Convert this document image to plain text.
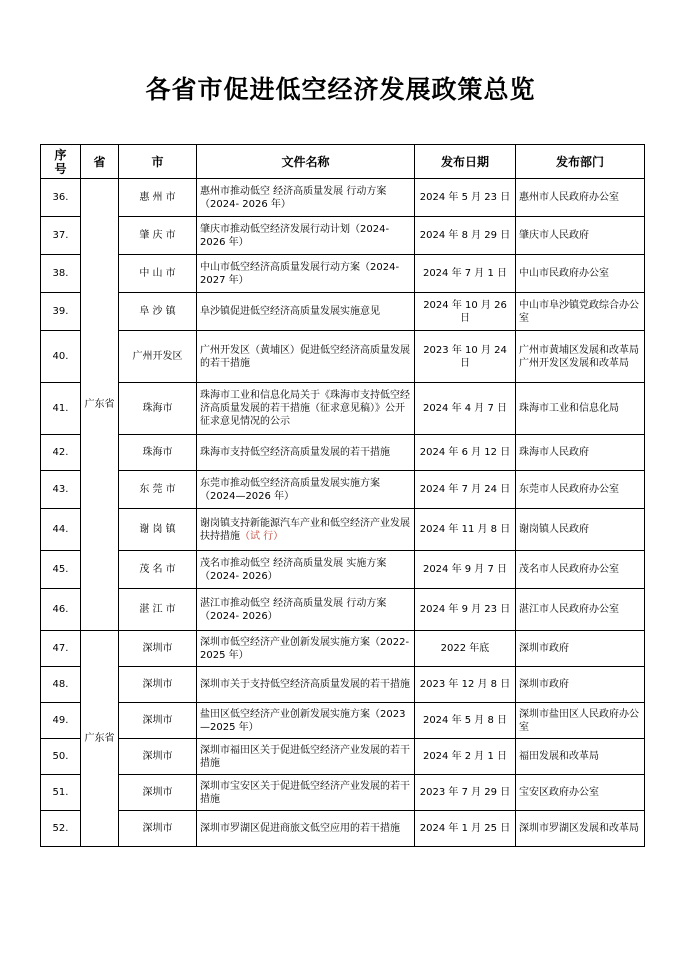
各省市促进低空经济发展政策总览
序号	省	市	文件名称	发布日期	发布部门
36.	广东省	惠 州 市	惠州市推动低空 经济高质量发展 行动方案（2024- 2026 年）	2024 年 5 月 23 日	惠州市人民政府办公室
37.		肇 庆 市	肇庆市推动低空经济发展行动计划（2024- 2026 年）	2024 年 8 月 29 日	肇庆市人民政府
38.		中 山 市	中山市低空经济高质量发展行动方案（2024-2027 年）	2024 年 7 月 1 日	中山市民政府办公室
39.		阜 沙 镇	阜沙镇促进低空经济高质量发展实施意见	2024 年 10 月 26 日	中山市阜沙镇党政综合办公室
40.		广州开发区	广州开发区（黄埔区）促进低空经济高质量发展的若干措施	2023 年 10 月 24 日	广州市黄埔区发展和改革局 广州开发区发展和改革局
41.		珠海市	珠海市工业和信息化局关于《珠海市支持低空经济高质量发展的若干措施（征求意见稿）》公开征求意见情况的公示	2024 年 4 月 7 日	珠海市工业和信息化局
42.		珠海市	珠海市支持低空经济高质量发展的若干措施	2024 年 6 月 12 日	珠海市人民政府
43.		东 莞 市	东莞市推动低空经济高质量发展实施方案（2024—2026 年）	2024 年 7 月 24 日	东莞市人民政府办公室
44.		谢 岗 镇	谢岗镇支持新能源汽车产业和低空经济产业发展扶持措施（试 行）	2024 年 11 月 8 日	谢岗镇人民政府
45.		茂 名 市	茂名市推动低空 经济高质量发展 实施方案（2024- 2026）	2024 年 9 月 7 日	茂名市人民政府办公室
46.		湛 江 市	湛江市推动低空 经济高质量发展 行动方案（2024- 2026）	2024 年 9 月 23 日	湛江市人民政府办公室
47.	广东省	深圳市	深圳市低空经济产业创新发展实施方案（2022-2025 年）	2022 年底	深圳市政府
48.		深圳市	深圳市关于支持低空经济高质量发展的若干措施	2023 年 12 月 8 日	深圳市政府
49.		深圳市	盐田区低空经济产业创新发展实施方案（2023—2025 年）	2024 年 5 月 8 日	深圳市盐田区人民政府办公室
50.		深圳市	深圳市福田区关于促进低空经济产业发展的若干措施	2024 年 2 月 1 日	福田发展和改革局
51.		深圳市	深圳市宝安区关于促进低空经济产业发展的若干措施	2023 年 7 月 29 日	宝安区政府办公室
52.		深圳市	深圳市罗湖区促进商旅文低空应用的若干措施	2024 年 1 月 25 日	深圳市罗湖区发展和改革局
